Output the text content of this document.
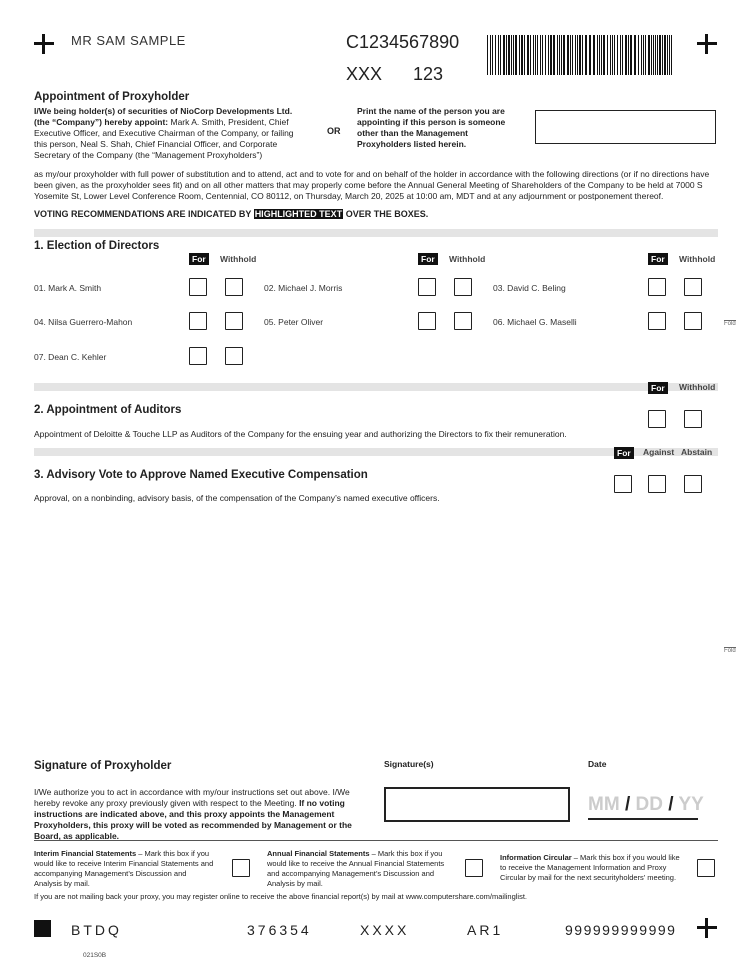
MR SAM SAMPLE	C1234567890
XXX 123
Appointment of Proxyholder
I/We being holder(s) of securities of NioCorp Developments Ltd. (the “Company”) hereby appoint: Mark A. Smith, President, Chief Executive Officer, and Executive Chairman of the Company, or failing this person, Neal S. Shah, Chief Financial Officer, and Corporate Secretary of the Company (the “Management Proxyholders”)
OR
Print the name of the person you are appointing if this person is someone other than the Management Proxyholders listed herein.
as my/our proxyholder with full power of substitution and to attend, act and to vote for and on behalf of the holder in accordance with the following directions (or if no directions have been given, as the proxyholder sees fit) and on all other matters that may properly come before the Annual General Meeting of Shareholders of the Company to be held at 7000 S Yosemite St, Lower Level Conference Room, Centennial, CO 80112, on Thursday, March 20, 2025 at 10:00 am, MDT and at any adjournment or postponement thereof.
VOTING RECOMMENDATIONS ARE INDICATED BY HIGHLIGHTED TEXT OVER THE BOXES.
1. Election of Directors
For	Withhold	For	Withhold	For	Withhold
01. Mark A. Smith	02. Michael J. Morris	03. David C. Beling
04. Nilsa Guerrero-Mahon	05. Peter Oliver	06. Michael G. Maselli	Fold
07. Dean C. Kehler
For	Withhold
2. Appointment of Auditors
Appointment of Deloitte & Touche LLP as Auditors of the Company for the ensuing year and authorizing the Directors to fix their remuneration.
For	Against Abstain
3. Advisory Vote to Approve Named Executive Compensation
Approval, on a nonbinding, advisory basis, of the compensation of the Company’s named executive officers.
Fold
Signature of Proxyholder
I/We authorize you to act in accordance with my/our instructions set out above. I/We hereby revoke any proxy previously given with respect to the Meeting. If no voting instructions are indicated above, and this proxy appoints the Management Proxyholders, this proxy will be voted as recommended by Management or the Board, as applicable.
Signature(s)	Date
MM / DD / YY
Interim Financial Statements – Mark this box if you would like to receive Interim Financial Statements and accompanying Management’s Discussion and Analysis by mail.
Annual Financial Statements – Mark this box if you would like to receive the Annual Financial Statements and accompanying Management’s Discussion and Analysis by mail.
Information Circular – Mark this box if you would like to receive the Management Information and Proxy Circular by mail for the next securityholders’ meeting.
If you are not mailing back your proxy, you may register online to receive the above financial report(s) by mail at www.computershare.com/mailinglist.
BTDQ	376354	XXXX	AR1	999999999999
021S0B
